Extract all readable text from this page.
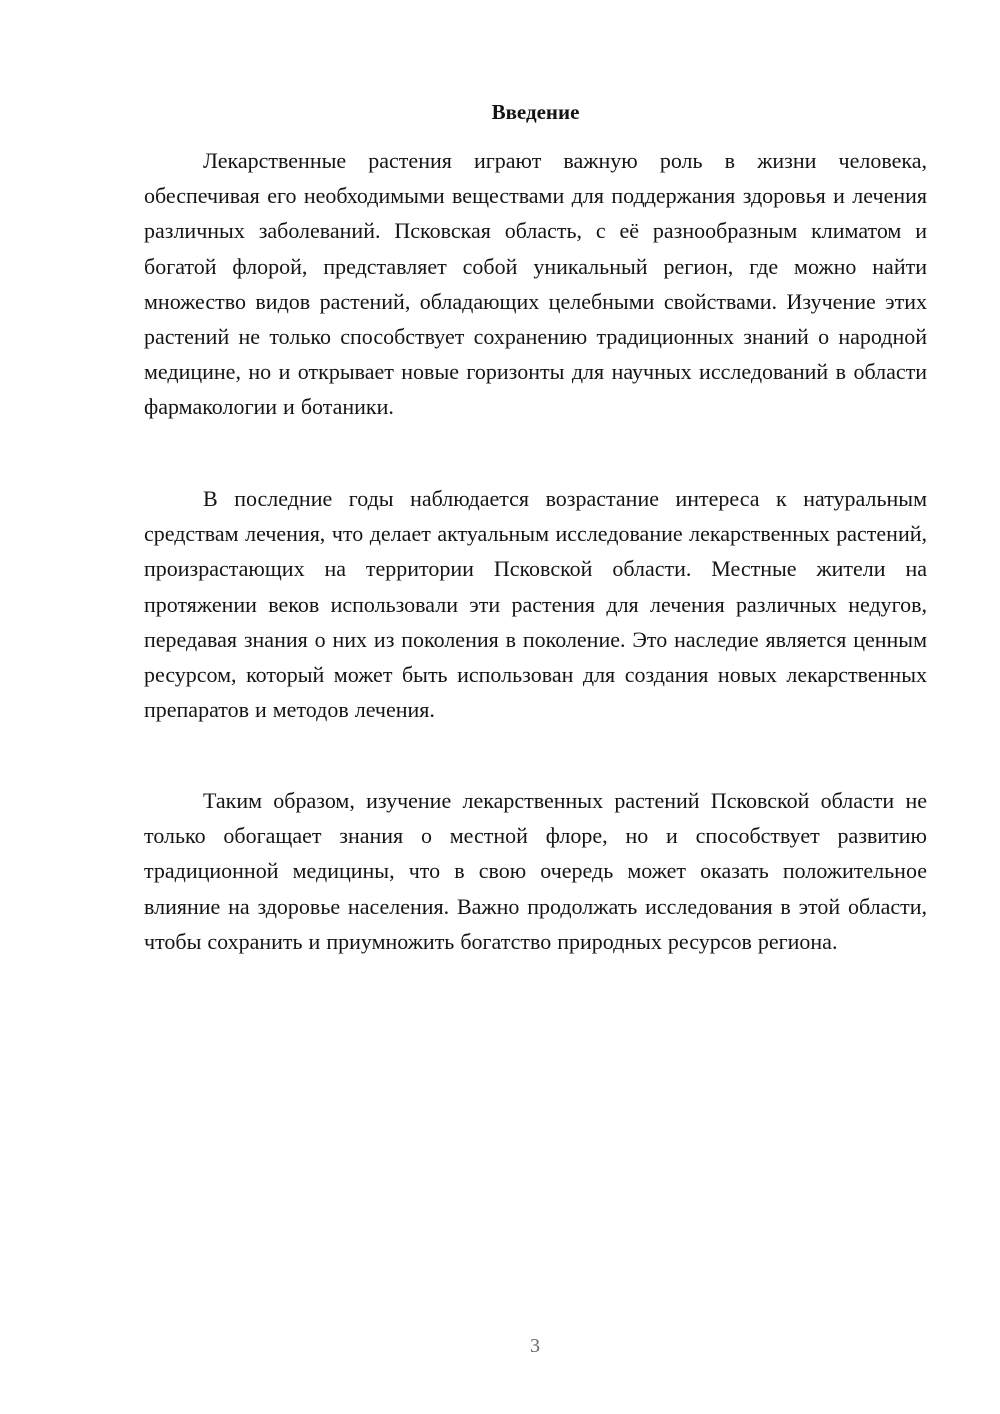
Введение

Лекарственные растения играют важную роль в жизни человека, обеспечивая его необходимыми веществами для поддержания здоровья и лечения различных заболеваний. Псковская область, с её разнообразным климатом и богатой флорой, представляет собой уникальный регион, где можно найти множество видов растений, обладающих целебными свойствами. Изучение этих растений не только способствует сохранению традиционных знаний о народной медицине, но и открывает новые горизонты для научных исследований в области фармакологии и ботаники.

В последние годы наблюдается возрастание интереса к натуральным средствам лечения, что делает актуальным исследование лекарственных растений, произрастающих на территории Псковской области. Местные жители на протяжении веков использовали эти растения для лечения различных недугов, передавая знания о них из поколения в поколение. Это наследие является ценным ресурсом, который может быть использован для создания новых лекарственных препаратов и методов лечения.

Таким образом, изучение лекарственных растений Псковской области не только обогащает знания о местной флоре, но и способствует развитию традиционной медицины, что в свою очередь может оказать положительное влияние на здоровье населения. Важно продолжать исследования в этой области, чтобы сохранить и приумножить богатство природных ресурсов региона.

3
